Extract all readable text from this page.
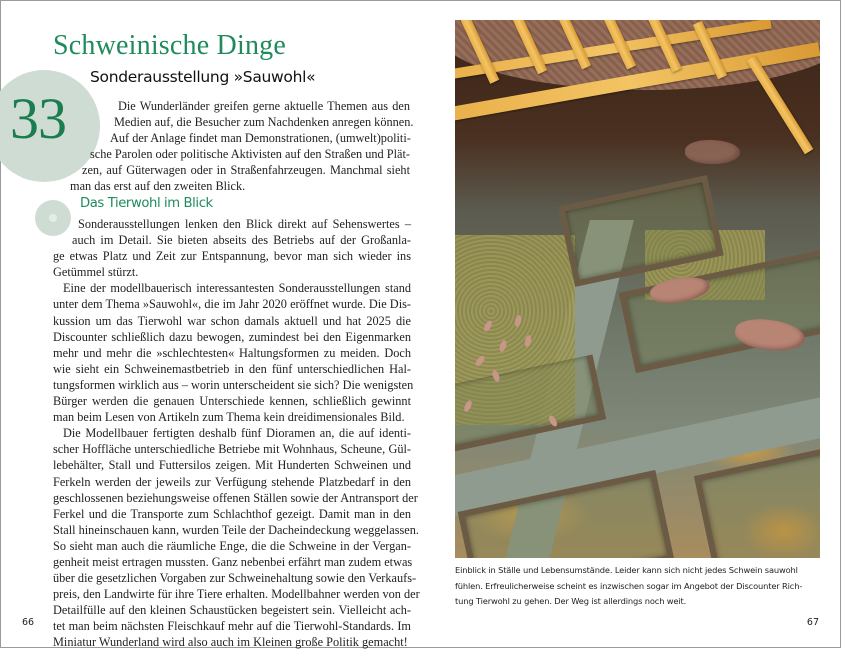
33
Schweinische Dinge
Sonderausstellung »Sauwohl«
Die Wunderländer greifen gerne aktuelle Themen aus den
Medien auf, die Besucher zum Nachdenken anregen können.
Auf der Anlage findet man Demonstrationen, (umwelt)politi-
sche Parolen oder politische Aktivisten auf den Straßen und Plät-
zen, auf Güterwagen oder in Straßenfahrzeugen. Manchmal sieht
man das erst auf den zweiten Blick.
Das Tierwohl im Blick

Sonderausstellungen lenken den Blick direkt auf Sehenswertes –
auch im Detail. Sie bieten abseits des Betriebs auf der Großanla-
ge etwas Platz und Zeit zur Entspannung, bevor man sich wieder ins
Getümmel stürzt.

Eine der modellbauerisch interessantesten Sonderausstellungen stand
unter dem Thema »Sauwohl«, die im Jahr 2020 eröffnet wurde. Die Dis-
kussion um das Tierwohl war schon damals aktuell und hat 2025 die
Discounter schließlich dazu bewogen, zumindest bei den Eigenmarken
mehr und mehr die »schlechtesten« Haltungsformen zu meiden. Doch
wie sieht ein Schweinemastbetrieb in den fünf unterschiedlichen Hal-
tungsformen wirklich aus – worin unterscheident sie sich? Die wenigsten
Bürger werden die genauen Unterschiede kennen, schließlich gewinnt
man beim Lesen von Artikeln zum Thema kein dreidimensionales Bild.

Die Modellbauer fertigten deshalb fünf Dioramen an, die auf identi-
scher Hoffläche unterschiedliche Betriebe mit Wohnhaus, Scheune, Gül-
lebehälter, Stall und Futtersilos zeigen. Mit Hunderten Schweinen und
Ferkeln werden der jeweils zur Verfügung stehende Platzbedarf in den
geschlossenen beziehungsweise offenen Ställen sowie der Antransport der
Ferkel und die Transporte zum Schlachthof gezeigt. Damit man in den
Stall hineinschauen kann, wurden Teile der Dacheindeckung weggelassen.
So sieht man auch die räumliche Enge, die die Schweine in der Vergan-
genheit meist ertragen mussten. Ganz nebenbei erfährt man zudem etwas
über die gesetzlichen Vorgaben zur Schweinehaltung sowie den Verkaufs-
preis, den Landwirte für ihre Tiere erhalten. Modellbahner werden von der
Detailfülle auf den kleinen Schaustücken begeistert sein. Vielleicht ach-
tet man beim nächsten Fleischkauf mehr auf die Tierwohl-Standards. Im
Miniatur Wunderland wird also auch im Kleinen große Politik gemacht!

66
Einblick in Ställe und Lebensumstände. Leider kann sich nicht jedes Schwein sauwohl
fühlen. Erfreulicherweise scheint es inzwischen sogar im Angebot der Discounter Rich-
tung Tierwohl zu gehen. Der Weg ist allerdings noch weit.
67
